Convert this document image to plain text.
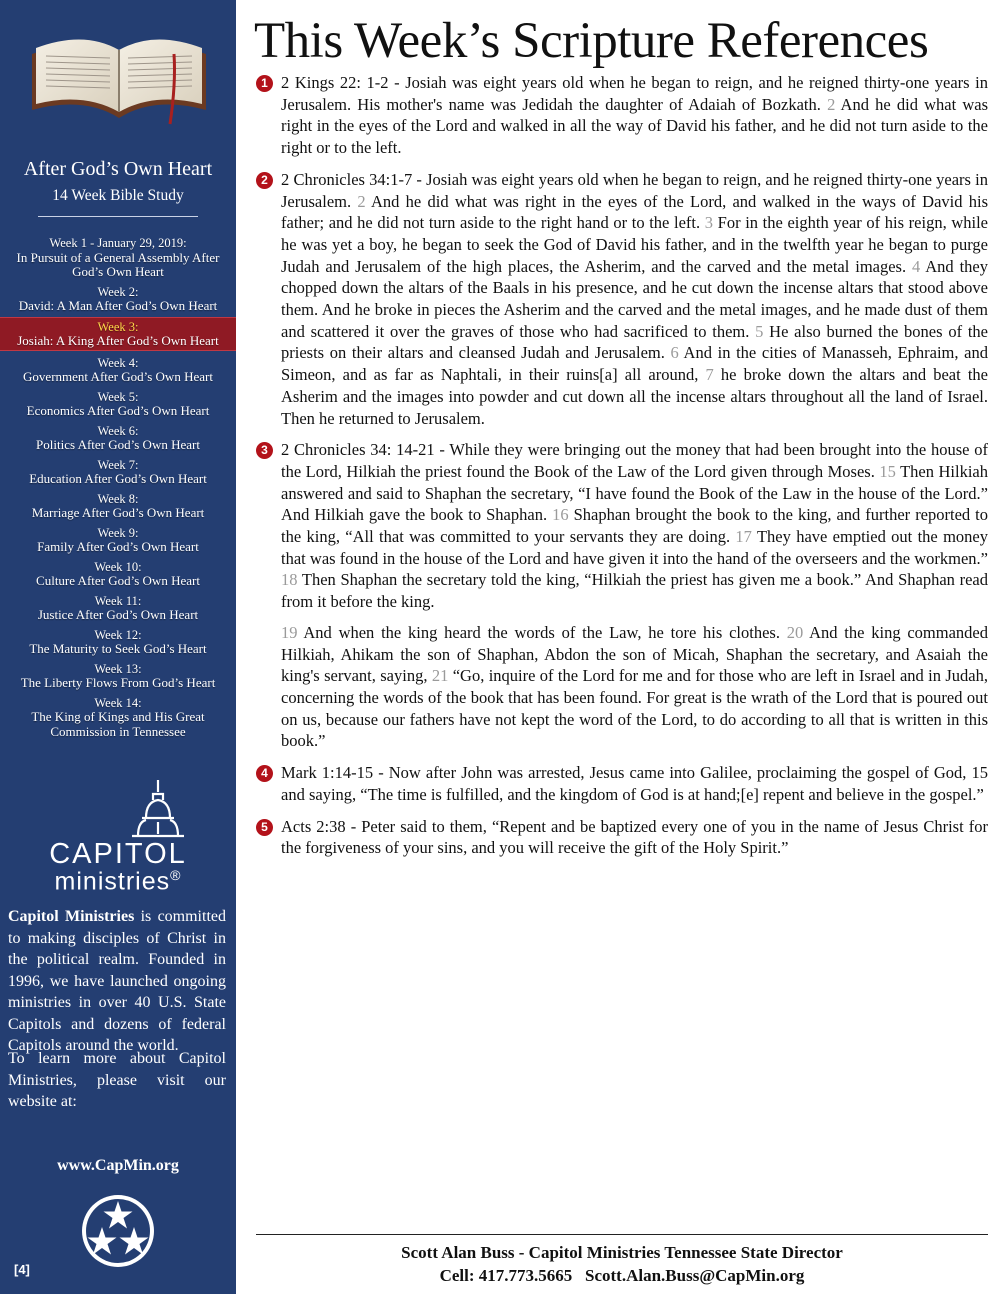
After God’s Own Heart
14 Week Bible Study
Week 1 - January 29, 2019:
In Pursuit of a General Assembly After God’s Own Heart
Week 2:
David: A Man After God’s Own Heart
Week 3:
Josiah: A King After God’s Own Heart
Week 4:
Government After God’s Own Heart
Week 5:
Economics After God’s Own Heart
Week 6:
Politics After God’s Own Heart
Week 7:
Education After God’s Own Heart
Week 8:
Marriage After God’s Own Heart
Week 9:
Family After God’s Own Heart
Week 10:
Culture After God’s Own Heart
Week 11:
Justice After God’s Own Heart
Week 12:
The Maturity to Seek God’s Heart
Week 13:
The Liberty Flows From God’s Heart
Week 14:
The King of Kings and His Great Commission in Tennessee
CAPITOL
ministries®
Capitol Ministries is committed to making disciples of Christ in the political realm. Founded in 1996, we have launched ongoing ministries in over 40 U.S. State Capitols and dozens of federal Capitols around the world.
To learn more about Capitol Ministries, please visit our website at:
www.CapMin.org
[4]
This Week’s Scripture References
1 2 Kings 22: 1-2 - Josiah was eight years old when he began to reign, and he reigned thirty-one years in Jerusalem. His mother's name was Jedidah the daughter of Adaiah of Bozkath. 2 And he did what was right in the eyes of the Lord and walked in all the way of David his father, and he did not turn aside to the right or to the left.

2 2 Chronicles 34:1-7 - Josiah was eight years old when he began to reign, and he reigned thirty-one years in Jerusalem. 2 And he did what was right in the eyes of the Lord, and walked in the ways of David his father; and he did not turn aside to the right hand or to the left. 3 For in the eighth year of his reign, while he was yet a boy, he began to seek the God of David his father, and in the twelfth year he began to purge Judah and Jerusalem of the high places, the Asherim, and the carved and the metal images. 4 And they chopped down the altars of the Baals in his presence, and he cut down the incense altars that stood above them. And he broke in pieces the Asherim and the carved and the metal images, and he made dust of them and scattered it over the graves of those who had sacrificed to them. 5 He also burned the bones of the priests on their altars and cleansed Judah and Jerusalem. 6 And in the cities of Manasseh, Ephraim, and Simeon, and as far as Naphtali, in their ruins[a] all around, 7 he broke down the altars and beat the Asherim and the images into powder and cut down all the incense altars throughout all the land of Israel. Then he returned to Jerusalem.

3 2 Chronicles 34: 14-21 - While they were bringing out the money that had been brought into the house of the Lord, Hilkiah the priest found the Book of the Law of the Lord given through Moses. 15 Then Hilkiah answered and said to Shaphan the secretary, “I have found the Book of the Law in the house of the Lord.” And Hilkiah gave the book to Shaphan. 16 Shaphan brought the book to the king, and further reported to the king, “All that was committed to your servants they are doing. 17 They have emptied out the money that was found in the house of the Lord and have given it into the hand of the overseers and the workmen.” 18 Then Shaphan the secretary told the king, “Hilkiah the priest has given me a book.” And Shaphan read from it before the king.

19 And when the king heard the words of the Law, he tore his clothes. 20 And the king commanded Hilkiah, Ahikam the son of Shaphan, Abdon the son of Micah, Shaphan the secretary, and Asaiah the king's servant, saying, 21 “Go, inquire of the Lord for me and for those who are left in Israel and in Judah, concerning the words of the book that has been found. For great is the wrath of the Lord that is poured out on us, because our fathers have not kept the word of the Lord, to do according to all that is written in this book.”

4 Mark 1:14-15 - Now after John was arrested, Jesus came into Galilee, proclaiming the gospel of God, 15 and saying, “The time is fulfilled, and the kingdom of God is at hand;[e] repent and believe in the gospel.”

5 Acts 2:38 - Peter said to them, “Repent and be baptized every one of you in the name of Jesus Christ for the forgiveness of your sins, and you will receive the gift of the Holy Spirit.”

Scott Alan Buss - Capitol Ministries Tennessee State Director
Cell: 417.773.5665   Scott.Alan.Buss@CapMin.org
